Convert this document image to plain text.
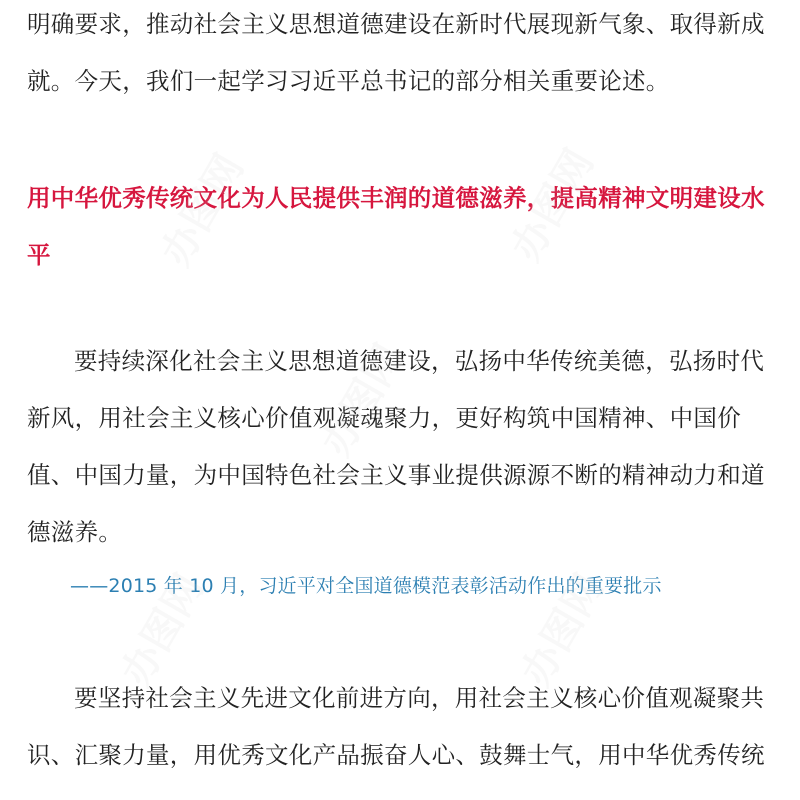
明确要求，推动社会主义思想道德建设在新时代展现新气象、取得新成就。今天，我们一起学习习近平总书记的部分相关重要论述。

用中华优秀传统文化为人民提供丰润的道德滋养，提高精神文明建设水平

要持续深化社会主义思想道德建设，弘扬中华传统美德，弘扬时代新风，用社会主义核心价值观凝魂聚力，更好构筑中国精神、中国价值、中国力量，为中国特色社会主义事业提供源源不断的精神动力和道德滋养。

——2015 年 10 月，习近平对全国道德模范表彰活动作出的重要批示

要坚持社会主义先进文化前进方向，用社会主义核心价值观凝聚共识、汇聚力量，用优秀文化产品振奋人心、鼓舞士气，用中华优秀传统

办图网	办图网
办图网
办图网	办图网
